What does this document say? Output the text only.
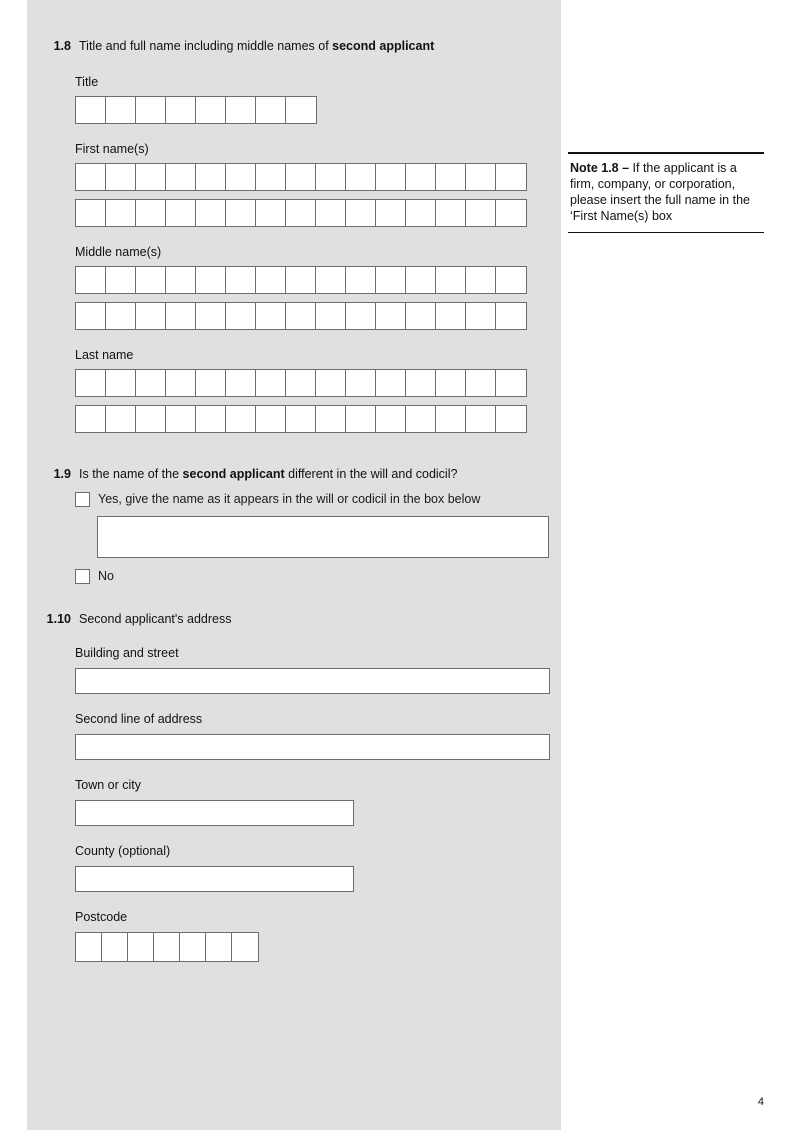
1.8 Title and full name including middle names of second applicant
Title
First name(s)
Middle name(s)
Last name
1.9 Is the name of the second applicant different in the will and codicil?
Yes, give the name as it appears in the will or codicil in the box below
No
1.10 Second applicant's address
Building and street
Second line of address
Town or city
County (optional)
Postcode
Note 1.8 – If the applicant is a firm, company, or corporation, please insert the full name in the ‘First Name(s) box
4
